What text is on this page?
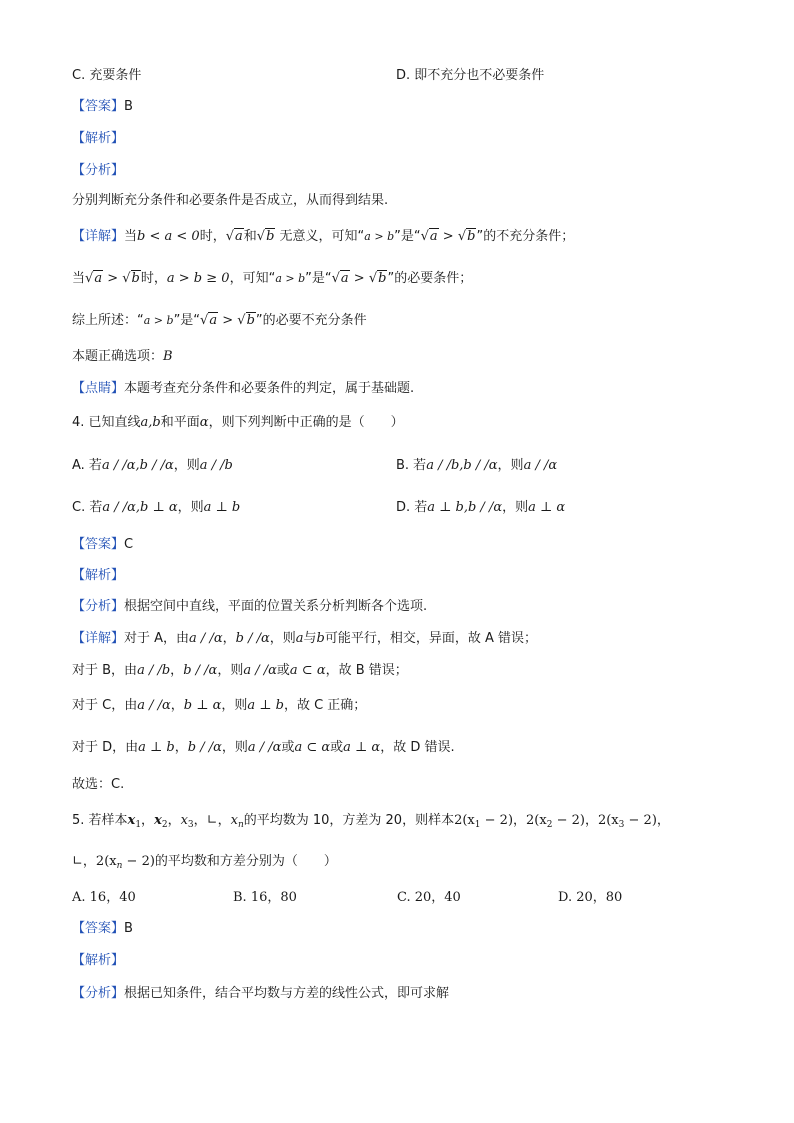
C. 充要条件	D. 即不充分也不必要条件
【答案】B
【解析】
【分析】
分别判断充分条件和必要条件是否成立，从而得到结果.
【详解】当b < a < 0时，√a和√b 无意义，可知“a > b”是“√a > √b”的不充分条件；
当√a > √b时，a > b ≥ 0，可知“a > b”是“√a > √b”的必要条件；
综上所述：“a > b”是“√a > √b”的必要不充分条件
本题正确选项：B
【点睛】本题考查充分条件和必要条件的判定，属于基础题.
4. 已知直线a,b和平面α，则下列判断中正确的是（　　）
A. 若a / /α,b / /α，则a / /b	B. 若a / /b,b / /α，则a / /α
C. 若a / /α,b ⊥ α，则a ⊥ b	D. 若a ⊥ b,b / /α，则a ⊥ α
【答案】C
【解析】
【分析】根据空间中直线，平面的位置关系分析判断各个选项.
【详解】对于 A，由a / /α，b / /α，则a与b可能平行，相交，异面，故 A 错误；
对于 B，由a / /b，b / /α，则a / /α或a ⊂ α，故 B 错误；
对于 C，由a / /α，b ⊥ α，则a ⊥ b，故 C 正确；
对于 D，由a ⊥ b，b / /α，则a / /α或a ⊂ α或a ⊥ α，故 D 错误.
故选：C.
5. 若样本$x_1$，$x_2$，$x_3$，∟，$x_n$的平均数为 10，方差为 20，则样本$2(x_1 - 2)$，$2(x_2 - 2)$，$2(x_3 - 2)$，
∟，$2(x_n - 2)$的平均数和方差分别为（　　）
A. 16，40	B. 16，80	C. 20，40	D. 20，80
【答案】B
【解析】
【分析】根据已知条件，结合平均数与方差的线性公式，即可求解
